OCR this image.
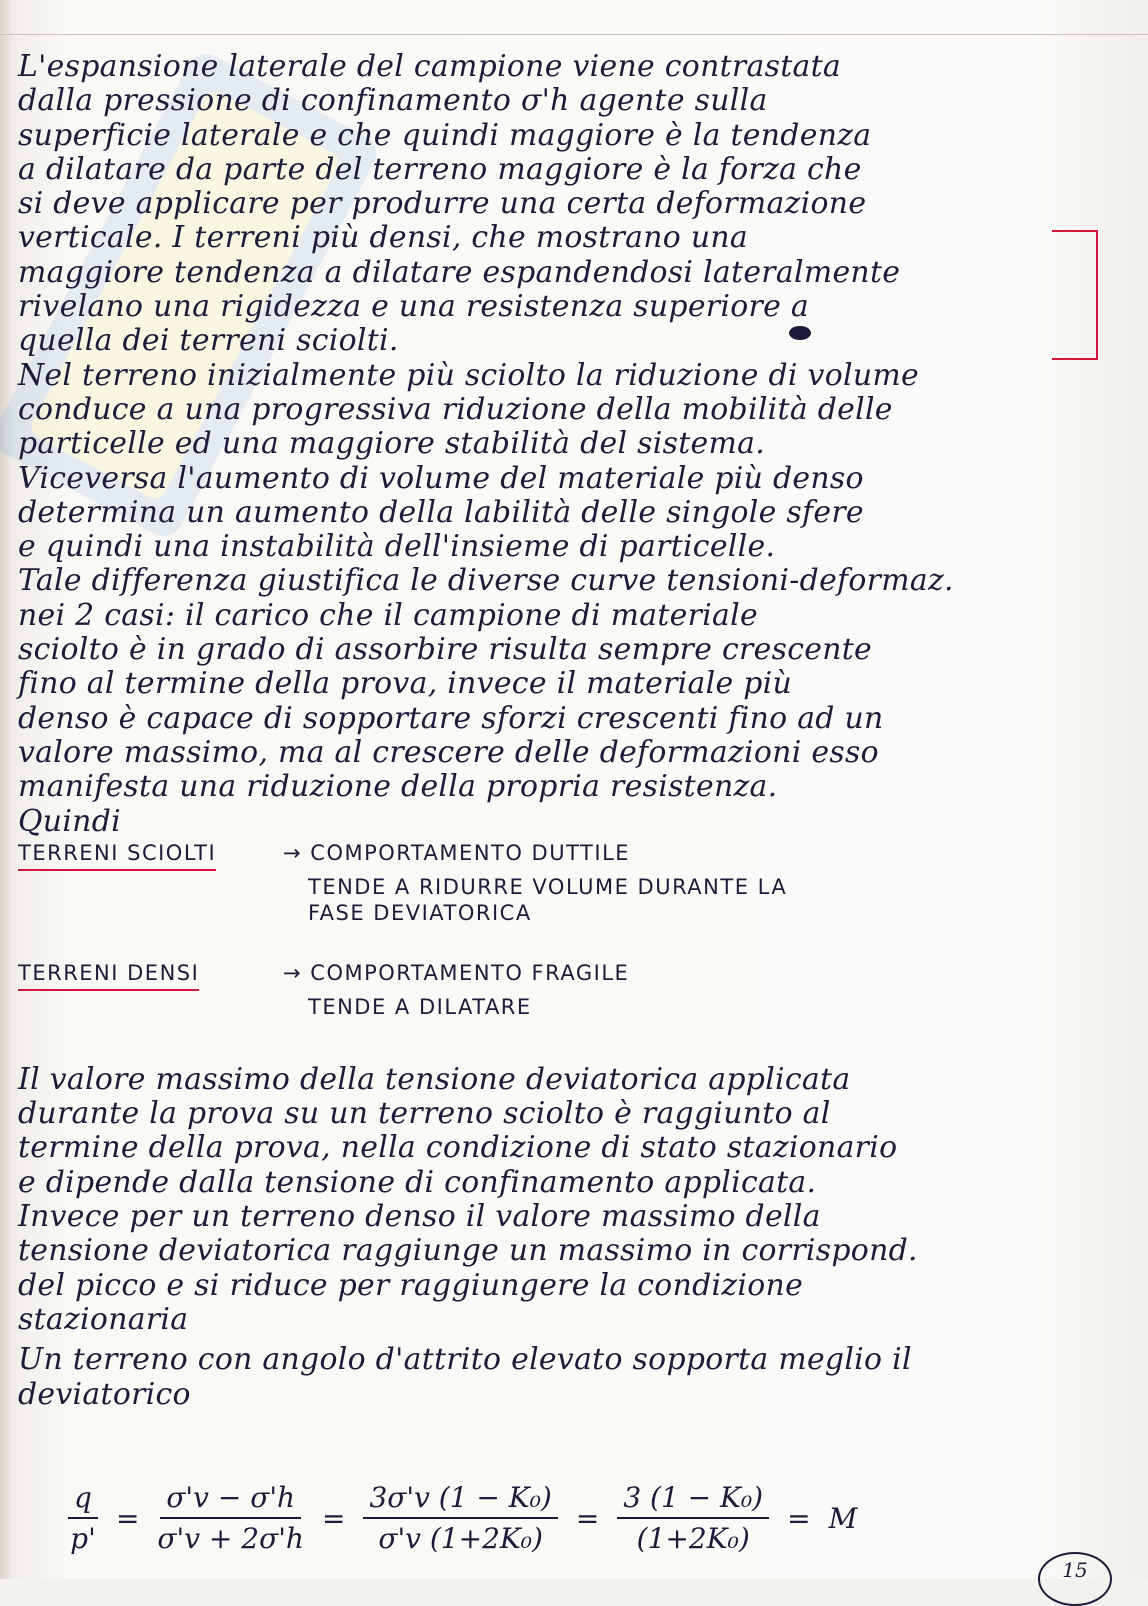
L'espansione laterale del campione viene contrastata
dalla pressione di confinamento σ'h agente sulla
superficie laterale e che quindi maggiore è la tendenza
a dilatare da parte del terreno maggiore è la forza che
si deve applicare per produrre una certa deformazione
verticale. I terreni più densi, che mostrano una
maggiore tendenza a dilatare espandendosi lateralmente
rivelano una rigidezza e una resistenza superiore a
quella dei terreni sciolti.
Nel terreno inizialmente più sciolto la riduzione di volume
conduce a una progressiva riduzione della mobilità delle
particelle ed una maggiore stabilità del sistema.
Viceversa l'aumento di volume del materiale più denso
determina un aumento della labilità delle singole sfere
e quindi una instabilità dell'insieme di particelle.
Tale differenza giustifica le diverse curve tensioni-deformaz.
nei 2 casi: il carico che il campione di materiale
sciolto è in grado di assorbire risulta sempre crescente
fino al termine della prova, invece il materiale più
denso è capace di sopportare sforzi crescenti fino ad un
valore massimo, ma al crescere delle deformazioni esso
manifesta una riduzione della propria resistenza.
Quindi
TERRENI SCIOLTI	→ COMPORTAMENTO DUTTILE
TENDE A RIDURRE VOLUME DURANTE LA
FASE DEVIATORICA
TERRENI DENSI	→ COMPORTAMENTO FRAGILE
TENDE A DILATARE
Il valore massimo della tensione deviatorica applicata
durante la prova su un terreno sciolto è raggiunto al
termine della prova, nella condizione di stato stazionario
e dipende dalla tensione di confinamento applicata.
Invece per un terreno denso il valore massimo della
tensione deviatorica raggiunge un massimo in corrispond.
del picco e si riduce per raggiungere la condizione
stazionaria
Un terreno con angolo d'attrito elevato sopporta meglio il
deviatorico
$\frac{q}{p'} = \frac{\sigma'v - \sigma'h}{\sigma'v + 2\sigma'h} = \frac{\text{3σ'v (1 − K₀)}}{\text{σ'v (1+2K₀)}} = \frac{\text{3 (1 − K₀)}}{\text{(1+2K₀)}} = M$
15
